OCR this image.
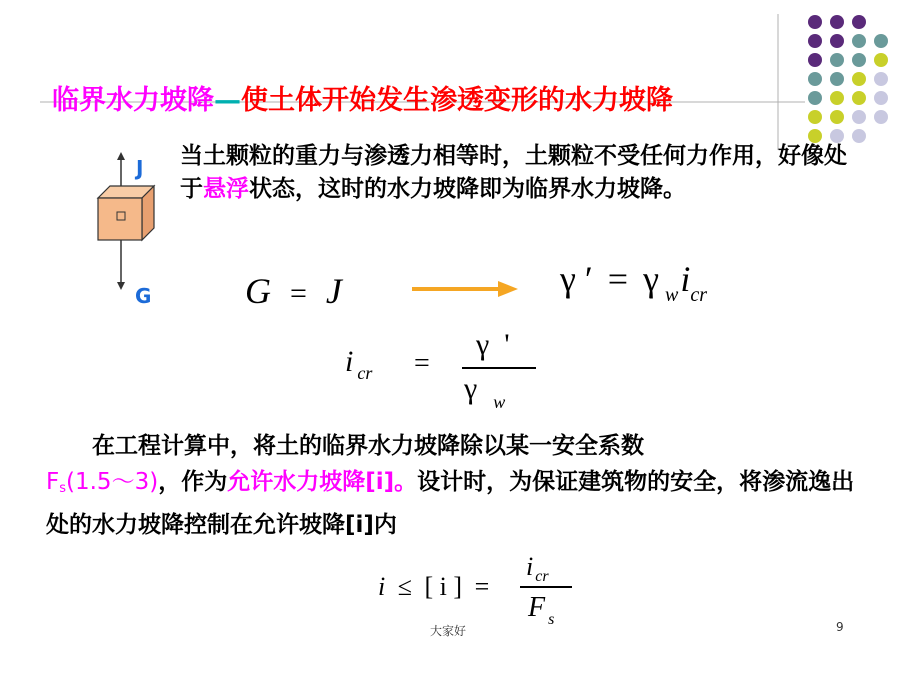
临界水力坡降—使土体开始发生渗透变形的水力坡降
J
G
当土颗粒的重力与渗透力相等时，土颗粒不受任何力作用，好像处于悬浮状态，这时的水力坡降即为临界水力坡降。
G = J	γ ′ = γ $_wi_{cr}$
i $_{cr}$ =
γ  '
γ $_w$
在工程计算中，将土的临界水力坡降除以某一安全系数
Fs(1.5～3)，作为允许水力坡降[i]。设计时，为保证建筑物的安全，将渗流逸出处的水力坡降控制在允许坡降[i]内
i ≤ [ i ] =
i $_{cr}$
F $_s$
大家好	9
